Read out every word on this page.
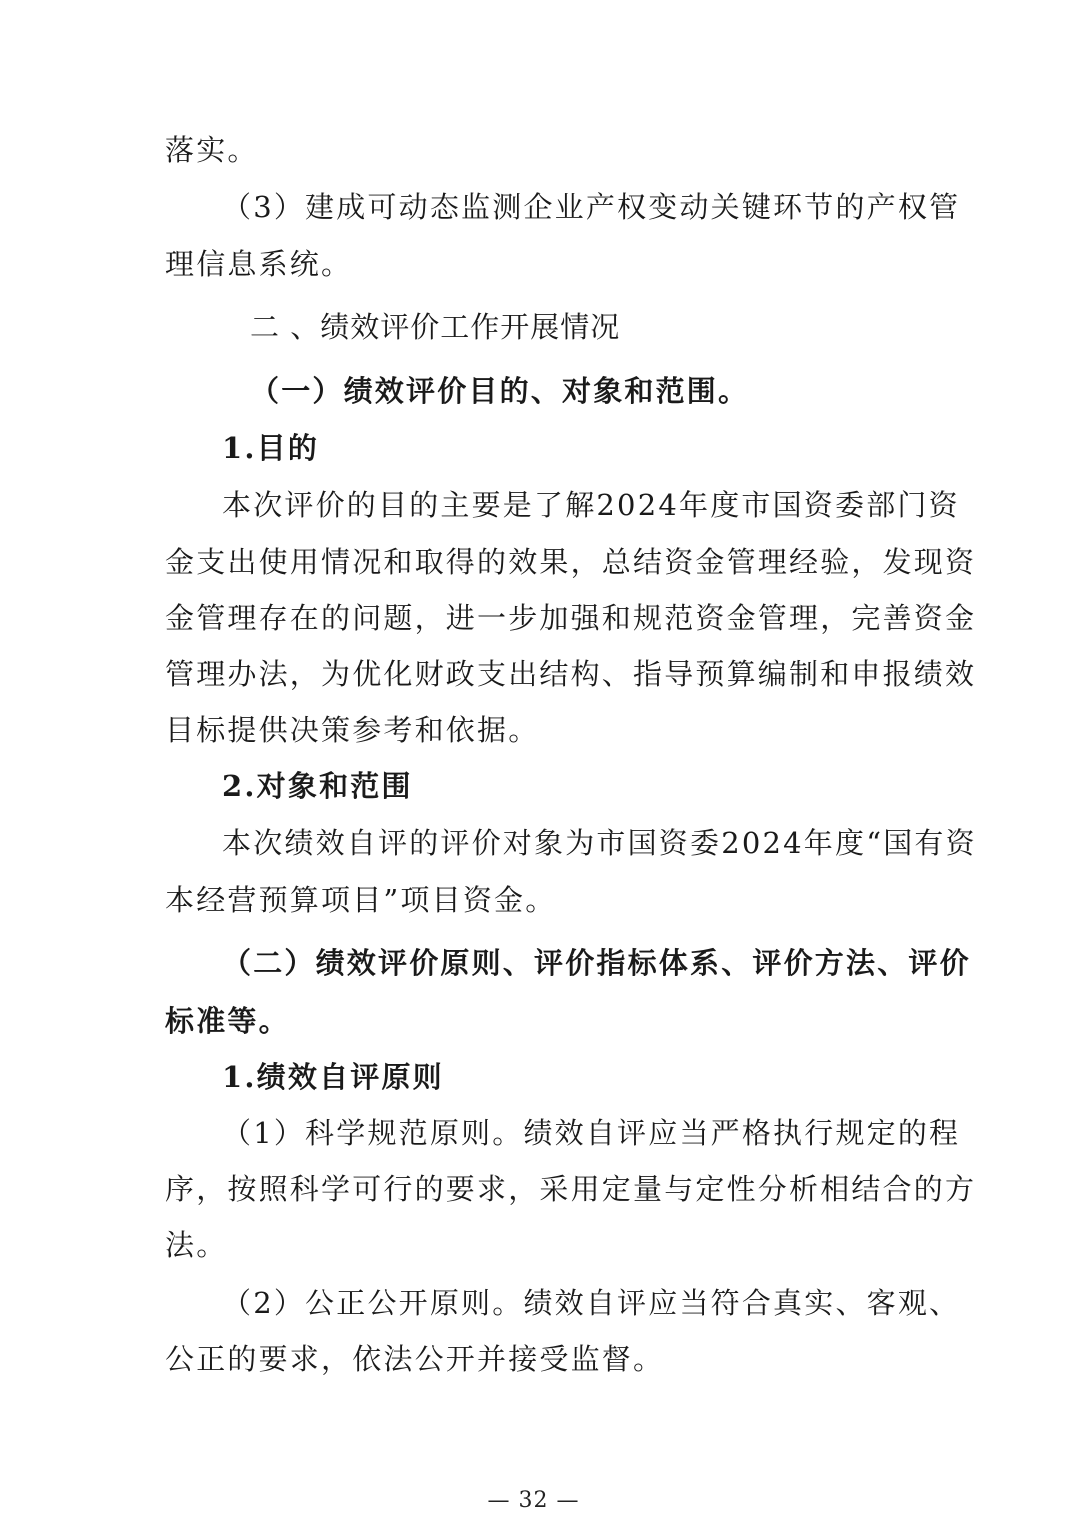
落实。
（3）建成可动态监测企业产权变动关键环节的产权管
理信息系统。
二 、绩效评价工作开展情况
（一）绩效评价目的、对象和范围。
1.目的
本次评价的目的主要是了解2024年度市国资委部门资
金支出使用情况和取得的效果，总结资金管理经验，发现资
金管理存在的问题，进一步加强和规范资金管理，完善资金
管理办法，为优化财政支出结构、指导预算编制和申报绩效
目标提供决策参考和依据。
2.对象和范围
本次绩效自评的评价对象为市国资委2024年度“国有资
本经营预算项目”项目资金。
（二）绩效评价原则、评价指标体系、评价方法、评价
标准等。
1.绩效自评原则
（1）科学规范原则。绩效自评应当严格执行规定的程
序，按照科学可行的要求，采用定量与定性分析相结合的方
法。
（2）公正公开原则。绩效自评应当符合真实、客观、
公正的要求，依法公开并接受监督。
— 32 —
